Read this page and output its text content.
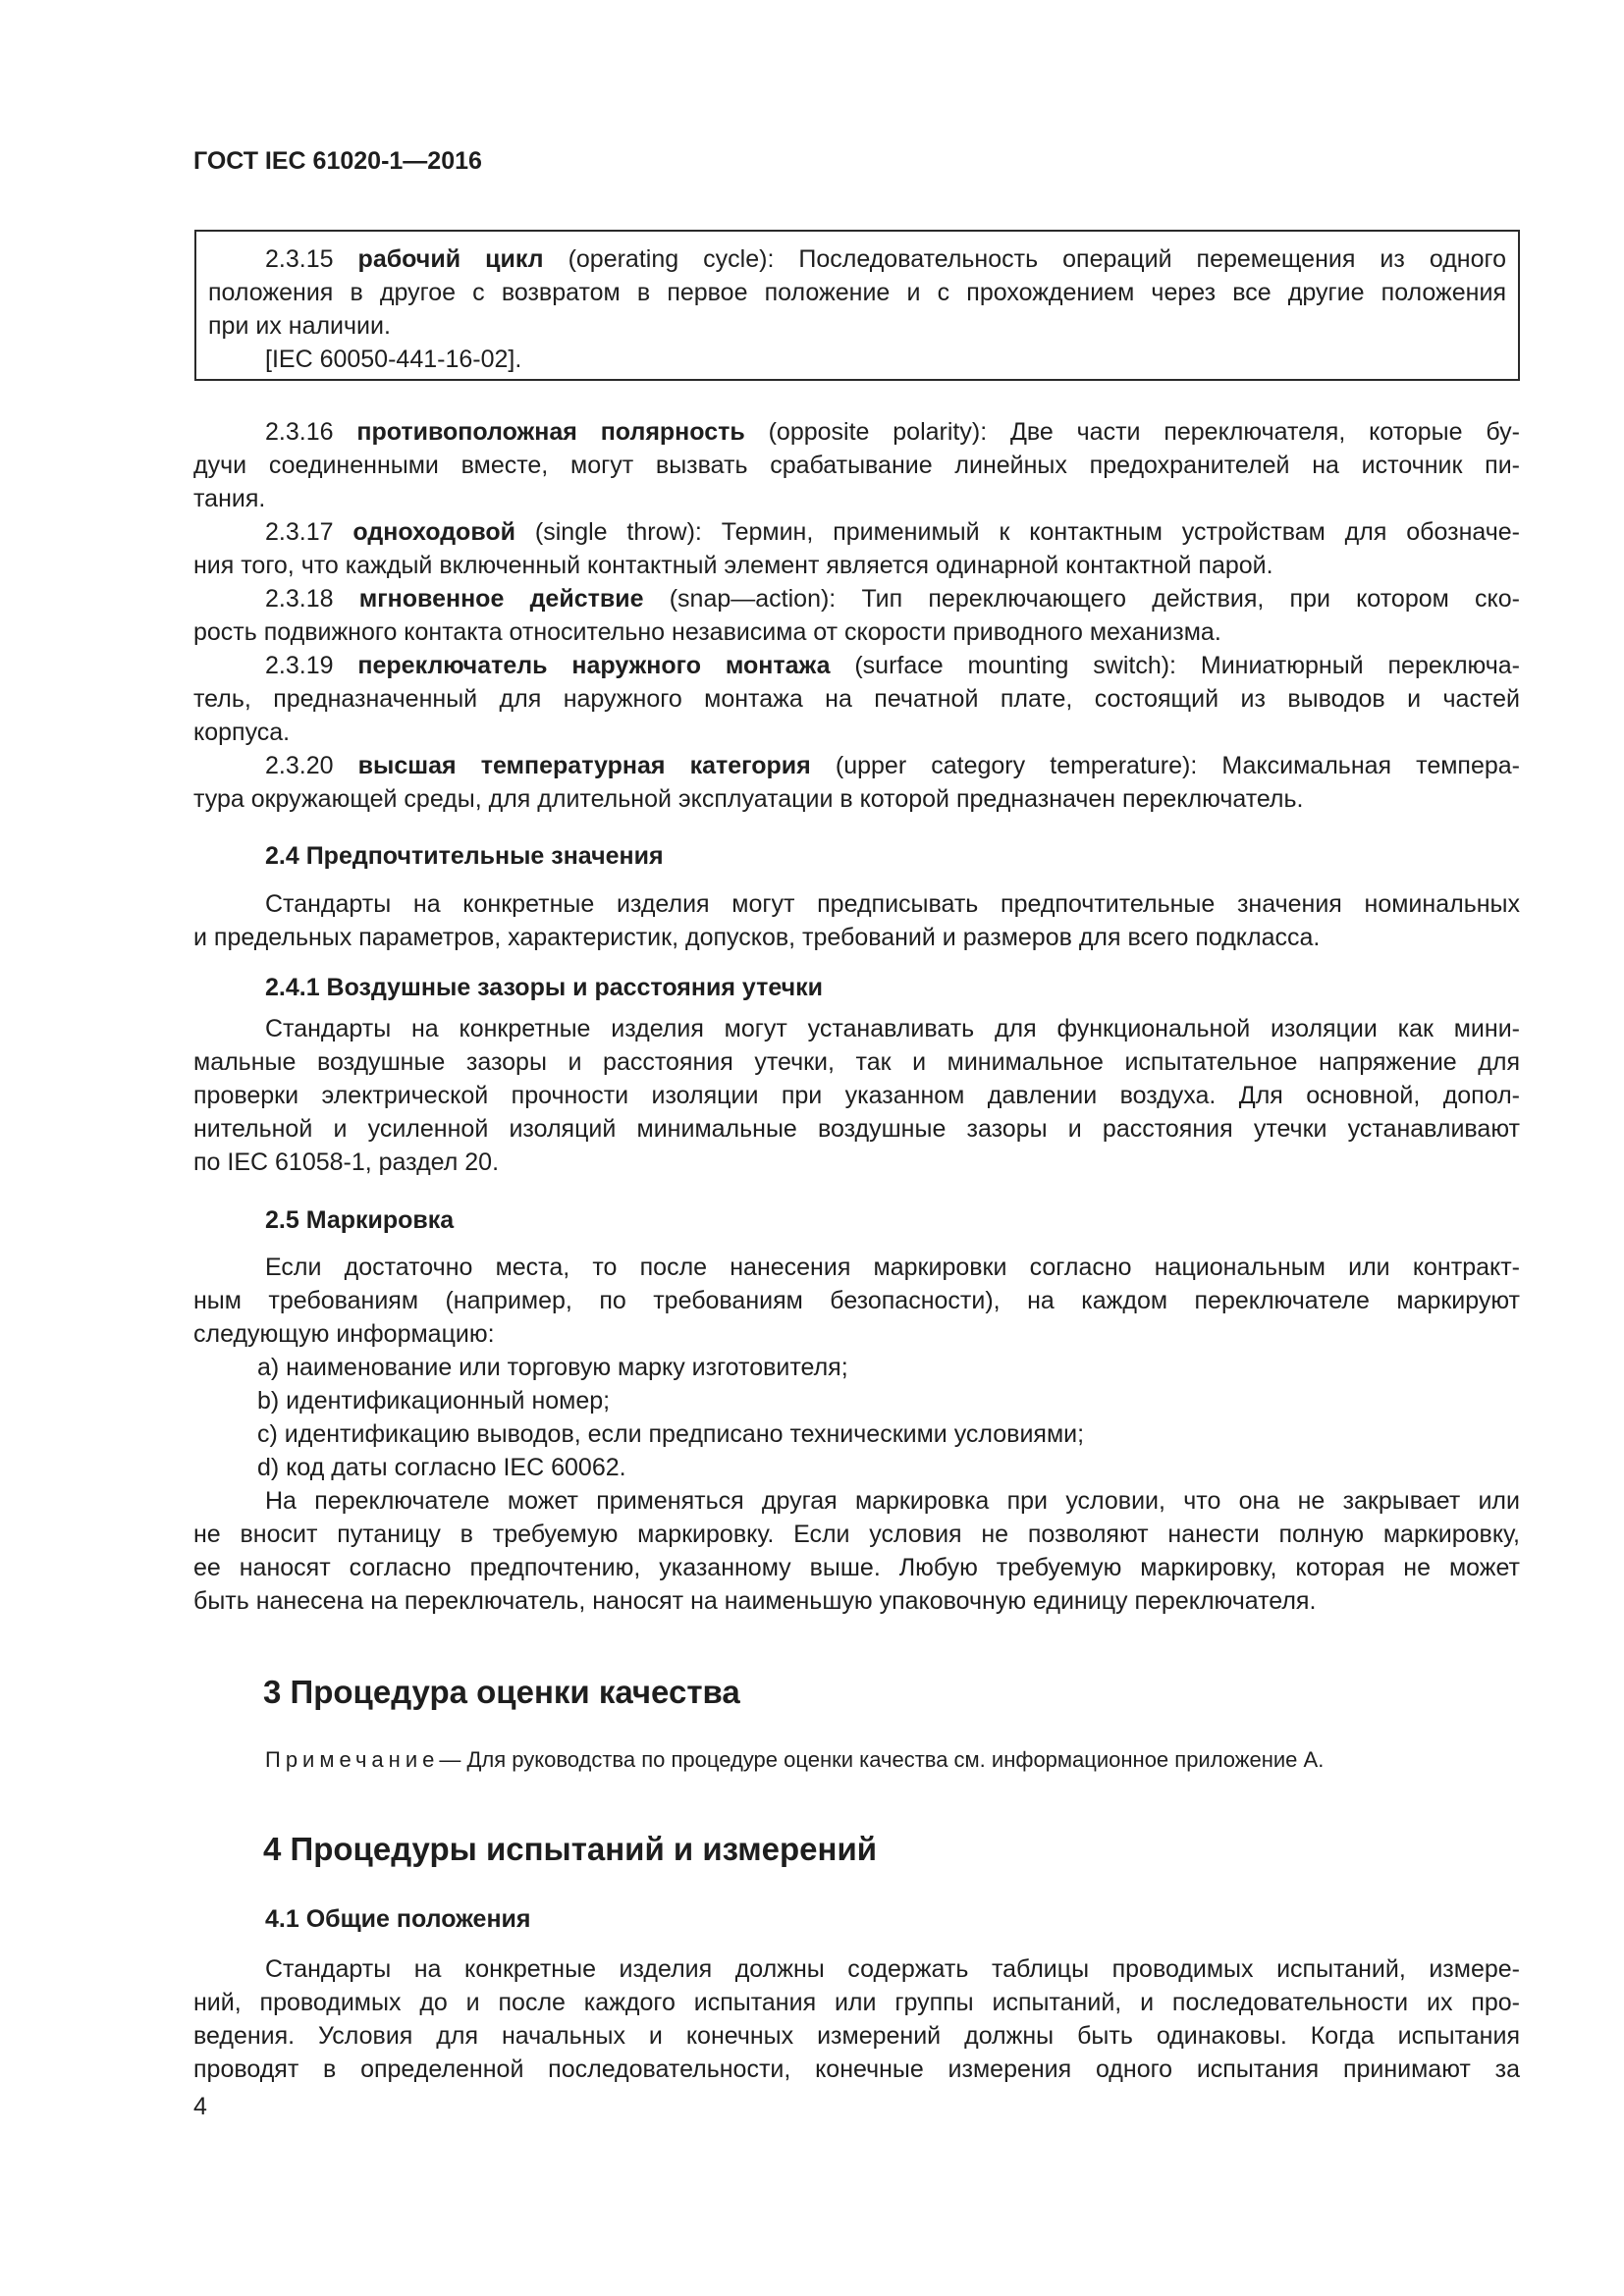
ГОСТ IEC 61020-1—2016
2.3.15 рабочий цикл (operating cycle): Последовательность операций перемещения из одного
положения в другое с возвратом в первое положение и с прохождением через все другие положения
при их наличии.
[IEC 60050-441-16-02].
2.3.16 противоположная полярность (opposite polarity): Две части переключателя, которые бу-
дучи соединенными вместе, могут вызвать срабатывание линейных предохранителей на источник пи-
тания.
2.3.17 одноходовой (single throw): Термин, применимый к контактным устройствам для обозначе-
ния того, что каждый включенный контактный элемент является одинарной контактной парой.
2.3.18 мгновенное действие (snap—action): Тип переключающего действия, при котором ско-
рость подвижного контакта относительно независима от скорости приводного механизма.
2.3.19 переключатель наружного монтажа (surface mounting switch): Миниатюрный переключа-
тель, предназначенный для наружного монтажа на печатной плате, состоящий из выводов и частей
корпуса.
2.3.20 высшая температурная категория (upper category temperature): Максимальная темпера-
тура окружающей среды, для длительной эксплуатации в которой предназначен переключатель.
2.4 Предпочтительные значения
Стандарты на конкретные изделия могут предписывать предпочтительные значения номинальных
и предельных параметров, характеристик, допусков, требований и размеров для всего подкласса.
2.4.1 Воздушные зазоры и расстояния утечки
Стандарты на конкретные изделия могут устанавливать для функциональной изоляции как мини-
мальные воздушные зазоры и расстояния утечки, так и минимальное испытательное напряжение для
проверки электрической прочности изоляции при указанном давлении воздуха. Для основной, допол-
нительной и усиленной изоляций минимальные воздушные зазоры и расстояния утечки устанавливают
по IEC 61058-1, раздел 20.
2.5 Маркировка
Если достаточно места, то после нанесения маркировки согласно национальным или контракт-
ным требованиям (например, по требованиям безопасности), на каждом переключателе маркируют
следующую информацию:
a) наименование или торговую марку изготовителя;
b) идентификационный номер;
c) идентификацию выводов, если предписано техническими условиями;
d) код даты согласно IEC 60062.
На переключателе может применяться другая маркировка при условии, что она не закрывает или
не вносит путаницу в требуемую маркировку. Если условия не позволяют нанести полную маркировку,
ее наносят согласно предпочтению, указанному выше. Любую требуемую маркировку, которая не может
быть нанесена на переключатель, наносят на наименьшую упаковочную единицу переключателя.
3 Процедура оценки качества
Примечание— Для руководства по процедуре оценки качества см. информационное приложение А.
4 Процедуры испытаний и измерений
4.1 Общие положения
Стандарты на конкретные изделия должны содержать таблицы проводимых испытаний, измере-
ний, проводимых до и после каждого испытания или группы испытаний, и последовательности их про-
ведения. Условия для начальных и конечных измерений должны быть одинаковы. Когда испытания
проводят в определенной последовательности, конечные измерения одного испытания принимают за
4
